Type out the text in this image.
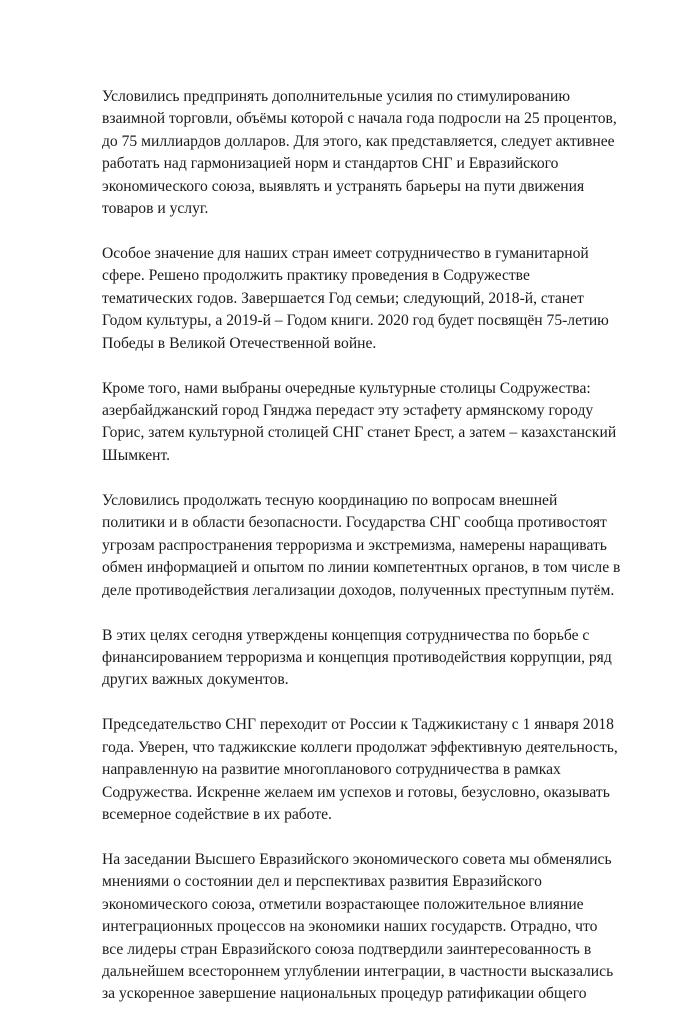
Условились предпринять дополнительные усилия по стимулированию
взаимной торговли, объёмы которой с начала года подросли на 25 процентов,
до 75 миллиардов долларов. Для этого, как представляется, следует активнее
работать над гармонизацией норм и стандартов СНГ и Евразийского
экономического союза, выявлять и устранять барьеры на пути движения
товаров и услуг.

Особое значение для наших стран имеет сотрудничество в гуманитарной
сфере. Решено продолжить практику проведения в Содружестве
тематических годов. Завершается Год семьи; следующий, 2018-й, станет
Годом культуры, а 2019-й – Годом книги. 2020 год будет посвящён 75-летию
Победы в Великой Отечественной войне.

Кроме того, нами выбраны очередные культурные столицы Содружества:
азербайджанский город Гянджа передаст эту эстафету армянскому городу
Горис, затем культурной столицей СНГ станет Брест, а затем – казахстанский
Шымкент.

Условились продолжать тесную координацию по вопросам внешней
политики и в области безопасности. Государства СНГ сообща противостоят
угрозам распространения терроризма и экстремизма, намерены наращивать
обмен информацией и опытом по линии компетентных органов, в том числе в
деле противодействия легализации доходов, полученных преступным путём.

В этих целях сегодня утверждены концепция сотрудничества по борьбе с
финансированием терроризма и концепция противодействия коррупции, ряд
других важных документов.

Председательство СНГ переходит от России к Таджикистану с 1 января 2018
года. Уверен, что таджикские коллеги продолжат эффективную деятельность,
направленную на развитие многопланового сотрудничества в рамках
Содружества. Искренне желаем им успехов и готовы, безусловно, оказывать
всемерное содействие в их работе.

На заседании Высшего Евразийского экономического совета мы обменялись
мнениями о состоянии дел и перспективах развития Евразийского
экономического союза, отметили возрастающее положительное влияние
интеграционных процессов на экономики наших государств. Отрадно, что
все лидеры стран Евразийского союза подтвердили заинтересованность в
дальнейшем всестороннем углублении интеграции, в частности высказались
за ускоренное завершение национальных процедур ратификации общего
